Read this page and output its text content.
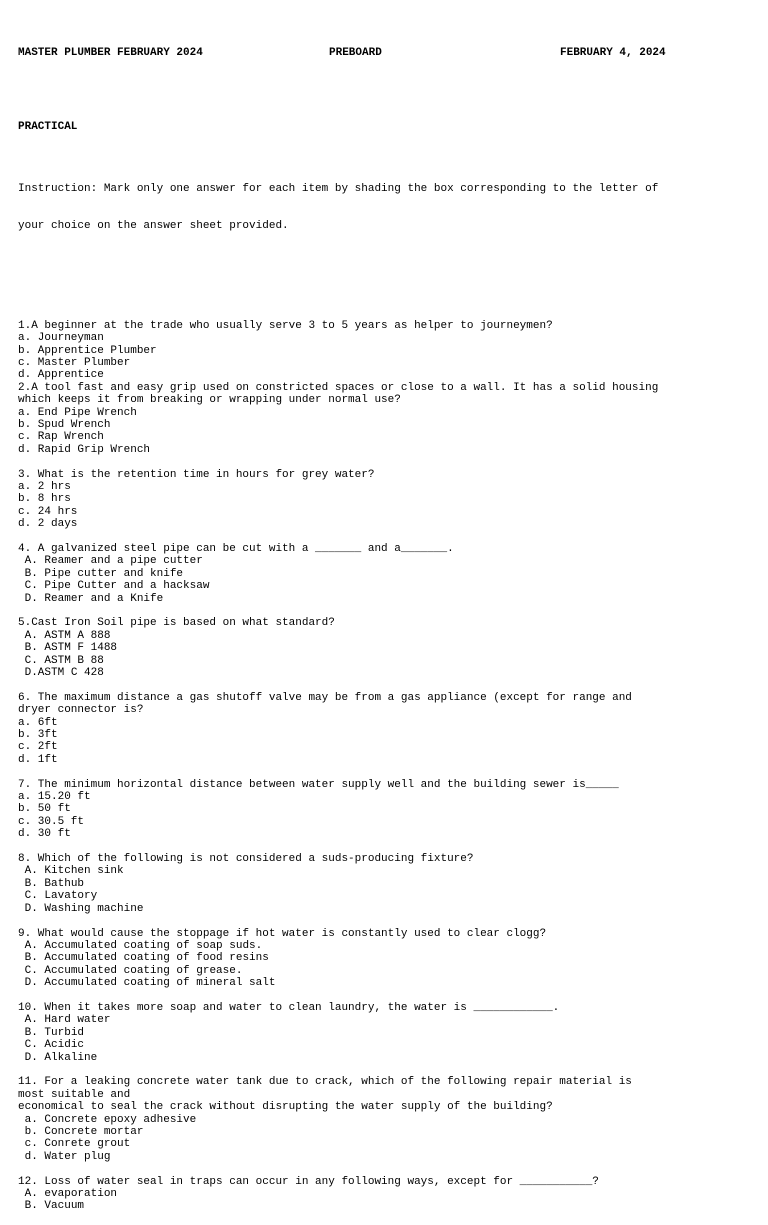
MASTER PLUMBER FEBRUARY 2024

	PREBOARD

	FEBRUARY 4, 2024

PRACTICAL

Instruction: Mark only one answer for each item by shading the box corresponding to the letter of

your choice on the answer sheet provided.

1.A beginner at the trade who usually serve 3 to 5 years as helper to journeymen?
a. Journeyman
b. Apprentice Plumber
c. Master Plumber
d. Apprentice
2.A tool fast and easy grip used on constricted spaces or close to a wall. It has a solid housing
which keeps it from breaking or wrapping under normal use?
a. End Pipe Wrench
b. Spud Wrench
c. Rap Wrench
d. Rapid Grip Wrench
3. What is the retention time in hours for grey water?
a. 2 hrs
b. 8 hrs
c. 24 hrs
d. 2 days
4. A galvanized steel pipe can be cut with a _______ and a_______.
A. Reamer and a pipe cutter
B. Pipe cutter and knife
C. Pipe Cutter and a hacksaw
D. Reamer and a Knife
5.Cast Iron Soil pipe is based on what standard?
A. ASTM A 888
B. ASTM F 1488
C. ASTM B 88
D.ASTM C 428
6. The maximum distance a gas shutoff valve may be from a gas appliance (except for range and
dryer connector is?
a. 6ft
b. 3ft
c. 2ft
d. 1ft
7. The minimum horizontal distance between water supply well and the building sewer is_____
a. 15.20 ft
b. 50 ft
c. 30.5 ft
d. 30 ft
8. Which of the following is not considered a suds-producing fixture?
A. Kitchen sink
B. Bathub
C. Lavatory
D. Washing machine
9. What would cause the stoppage if hot water is constantly used to clear clogg?
A. Accumulated coating of soap suds.
B. Accumulated coating of food resins
C. Accumulated coating of grease.
D. Accumulated coating of mineral salt
10. When it takes more soap and water to clean laundry, the water is ____________.
A. Hard water
B. Turbid
C. Acidic
D. Alkaline
11. For a leaking concrete water tank due to crack, which of the following repair material is
most suitable and
economical to seal the crack without disrupting the water supply of the building?
a. Concrete epoxy adhesive
b. Concrete mortar
c. Conrete grout
d. Water plug
12. Loss of water seal in traps can occur in any following ways, except for ___________?
A. evaporation
B. Vacuum
